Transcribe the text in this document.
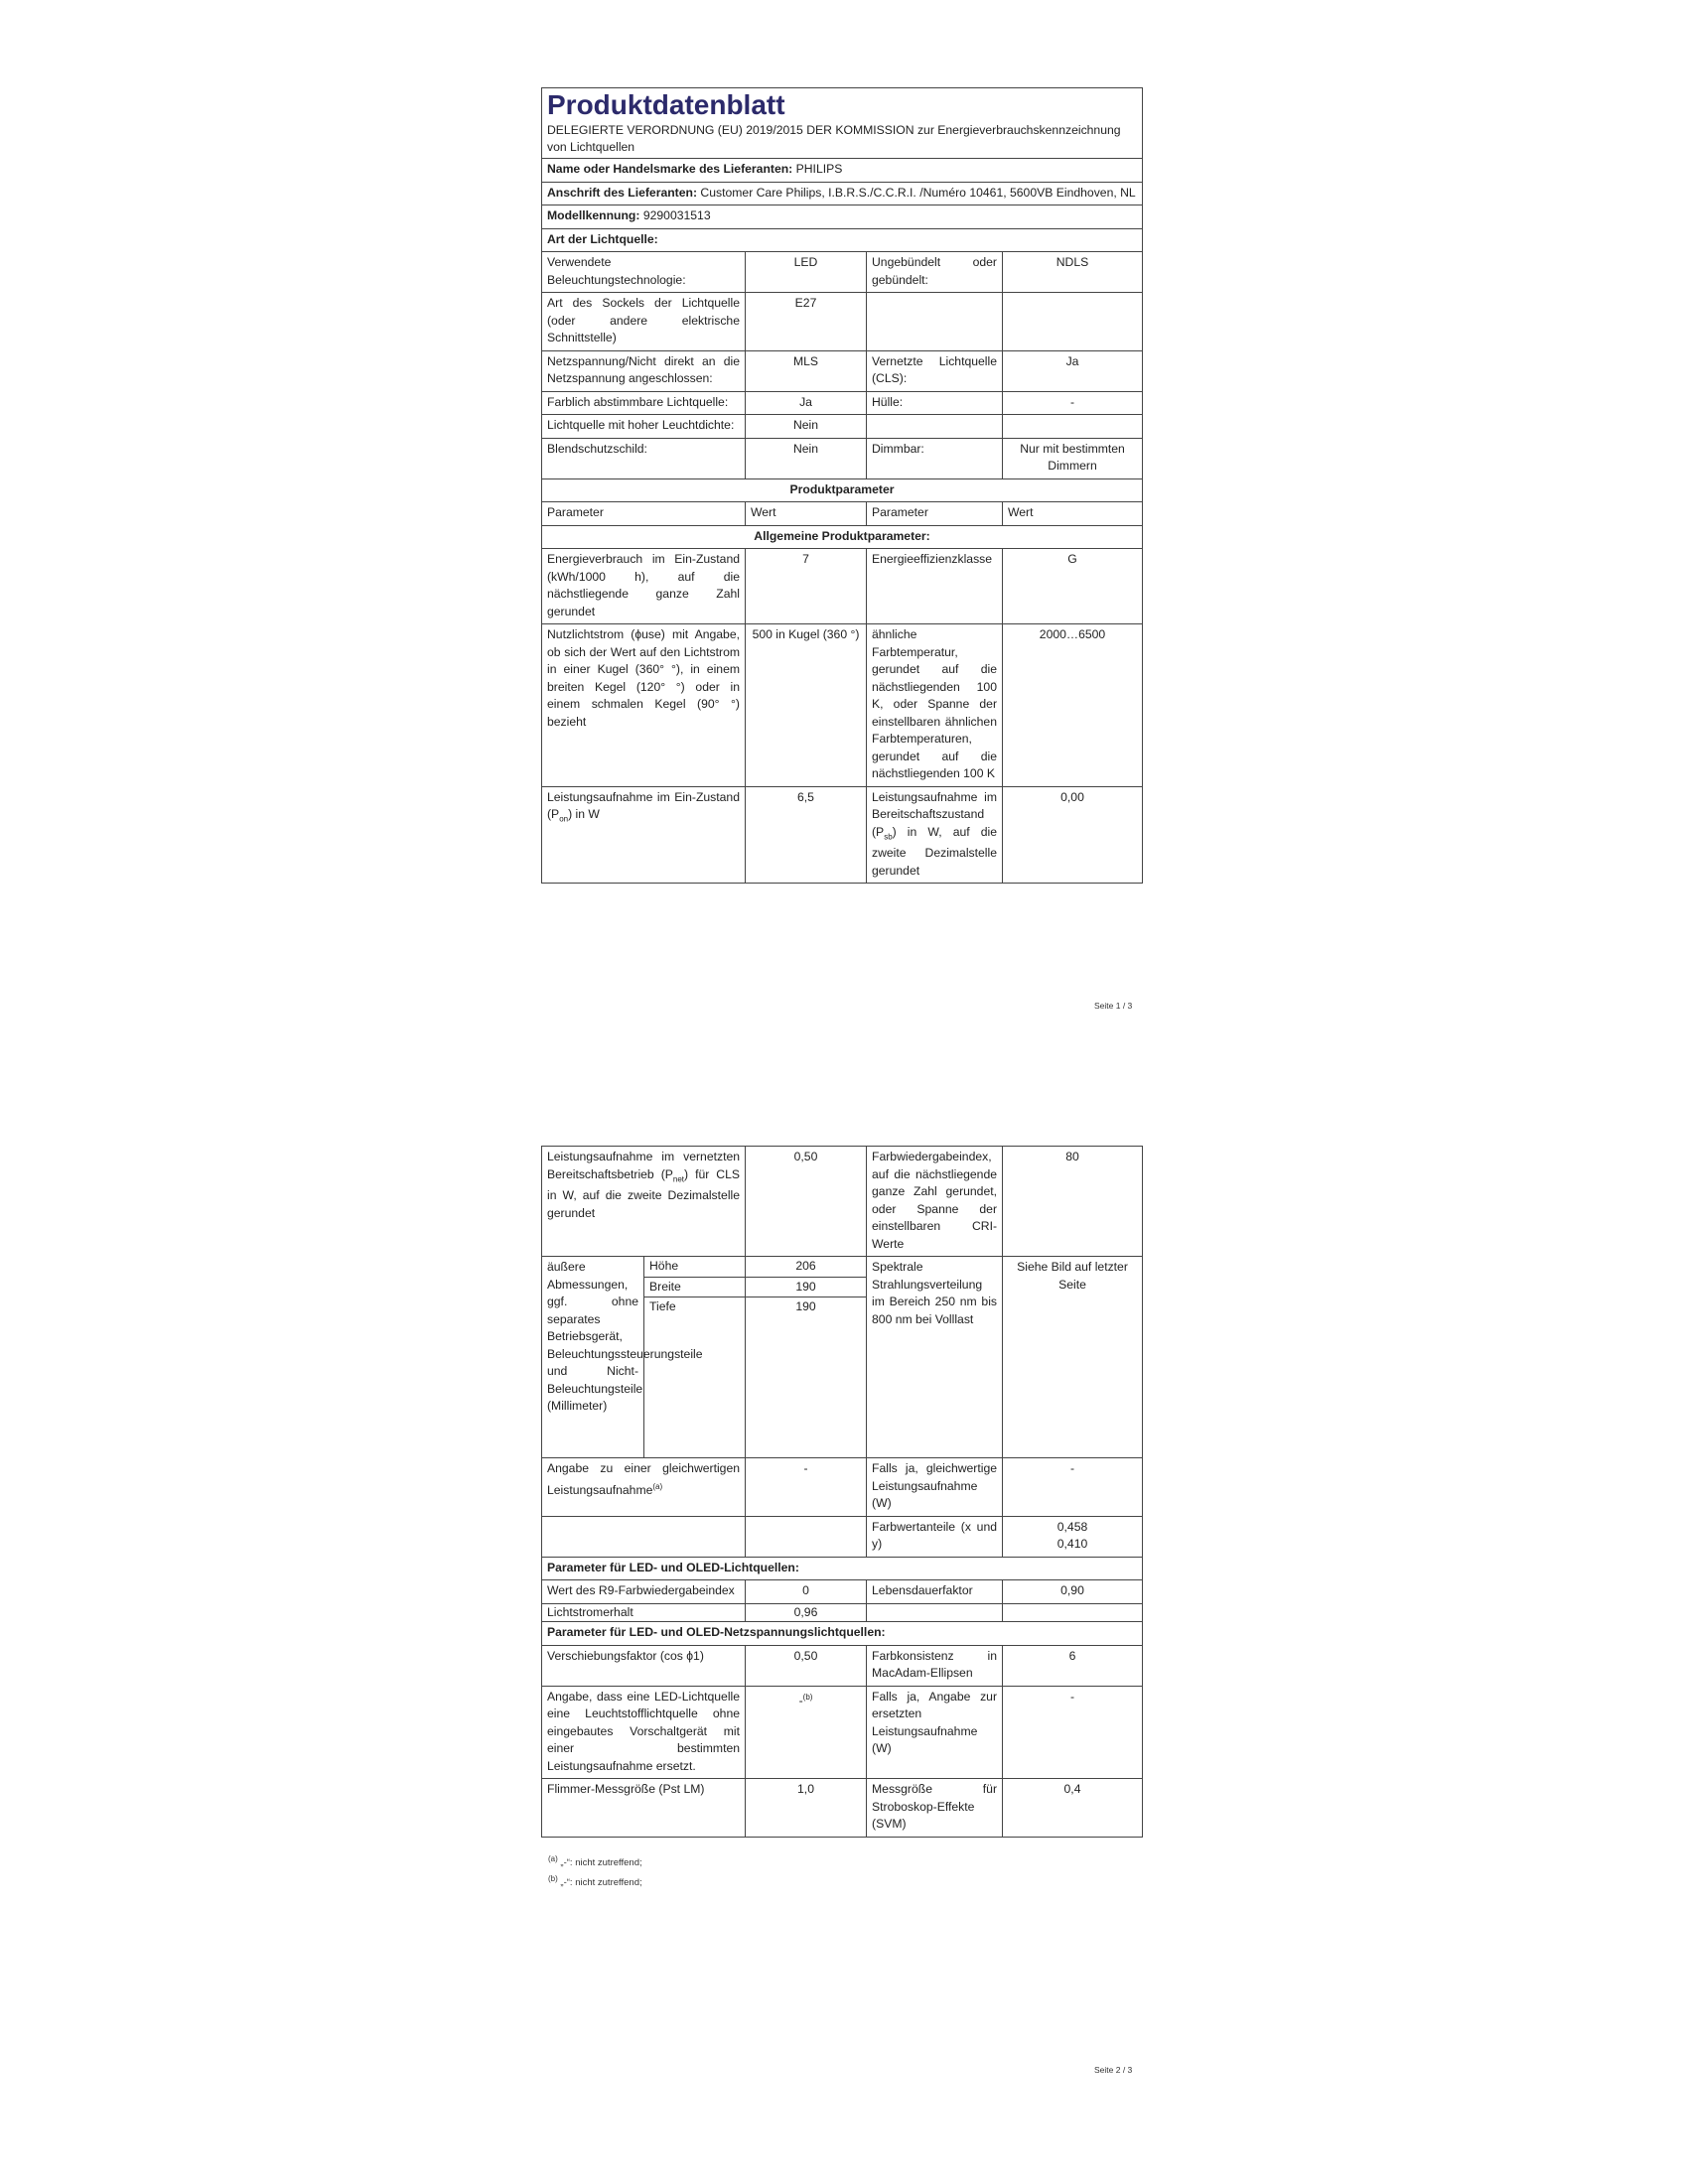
Produktdatenblatt
DELEGIERTE VERORDNUNG (EU) 2019/2015 DER KOMMISSION zur Energieverbrauchskennzeichnung von Lichtquellen			

Name oder Handelsmarke des Lieferanten: PHILIPS			
Anschrift des Lieferanten: Customer Care Philips, I.B.R.S./C.C.R.I. /Numéro 10461, 5600VB Eindhoven, NL			
Modellkennung: 9290031513			
Art der Lichtquelle:			
Verwendete Beleuchtungstechnologie:	LED	Ungebündelt oder gebündelt:	NDLS
Art des Sockels der Lichtquelle (oder andere elektrische Schnittstelle)	E27		
Netzspannung/Nicht direkt an die Netzspannung angeschlossen:	MLS	Vernetzte Lichtquelle (CLS):	Ja
Farblich abstimmbare Lichtquelle:	Ja	Hülle:	-
Lichtquelle mit hoher Leuchtdichte:	Nein		
Blendschutzschild:	Nein	Dimmbar:	Nur mit bestimmten Dimmern
Produktparameter			
Parameter	Wert	Parameter	Wert
Allgemeine Produktparameter:			
Energieverbrauch im Ein-Zustand (kWh/1000 h), auf die nächstliegende ganze Zahl gerundet	7	Energieeffizienzklasse	G
Nutzlichtstrom (ϕuse) mit Angabe, ob sich der Wert auf den Lichtstrom in einer Kugel (360° °), in einem breiten Kegel (120° °) oder in einem schmalen Kegel (90° °) bezieht	500 in Kugel (360 °)	ähnliche Farbtemperatur, gerundet auf die nächstliegenden 100 K, oder Spanne der einstellbaren ähnlichen Farbtemperaturen, gerundet auf die nächstliegenden 100 K	2000…6500
Leistungsaufnahme im Ein-Zustand $(P_{on})$ in W	6,5	Leistungsaufnahme im Bereitschaftszustand $(P_{sb})$ in W, auf die zweite Dezimalstelle gerundet	0,00
Seite 1 / 3
Leistungsaufnahme im vernetzten Bereitschaftsbetrieb $(P_{net})$ für CLS in W, auf die zweite Dezimalstelle gerundet		0,50	Farbwiedergabeindex, auf die nächstliegende ganze Zahl gerundet, oder Spanne der einstellbaren CRI-Werte	80
äußere Abmessungen, ggf. ohne separates Betriebsgerät, Beleuchtungssteuerungsteile und Nicht-Beleuchtungsteile (Millimeter)	Höhe	206	Spektrale Strahlungsverteilung im Bereich 250 nm bis 800 nm bei Volllast	Siehe Bild auf letzter Seite
	Breite	190		
	Tiefe	190		

Angabe zu einer gleichwertigen Leistungsaufnahme$^{(a)}$		-	Falls ja, gleichwertige Leistungsaufnahme (W)	-
			Farbwertanteile (x und y)	0,458
0,410
Parameter für LED- und OLED-Lichtquellen:				
Wert des R9-Farbwiedergabeindex		0	Lebensdauerfaktor	0,90
Lichtstromerhalt		0,96		
Parameter für LED- und OLED-Netzspannungslichtquellen:				
Verschiebungsfaktor (cos ϕ1)		0,50	Farbkonsistenz in MacAdam-Ellipsen	6
Angabe, dass eine LED-Lichtquelle eine Leuchtstofflichtquelle ohne eingebautes Vorschaltgerät mit einer bestimmten Leistungsaufnahme ersetzt.		-$^{(b)}$	Falls ja, Angabe zur ersetzten Leistungsaufnahme (W)	-
Flimmer-Messgröße (Pst LM)		1,0	Messgröße für Stroboskop-Effekte (SVM)	0,4
$^{(a)}$ „-“: nicht zutreffend;
$^{(b)}$ „-“: nicht zutreffend;
Seite 2 / 3
